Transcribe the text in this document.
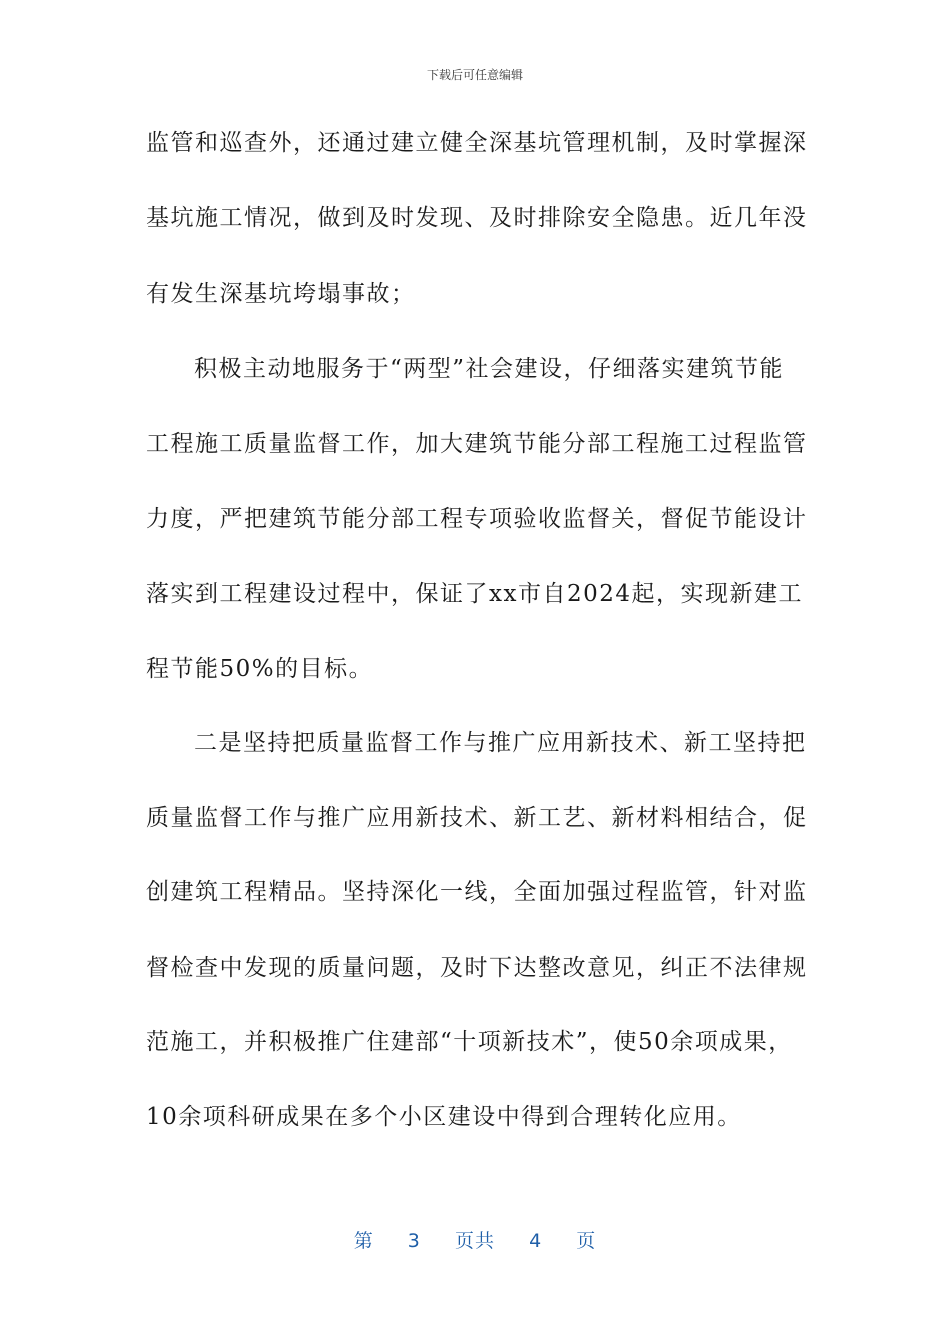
下载后可任意编辑
监管和巡查外，还通过建立健全深基坑管理机制，及时掌握深
基坑施工情况，做到及时发现、及时排除安全隐患。近几年没
有发生深基坑垮塌事故；
积极主动地服务于“两型”社会建设，仔细落实建筑节能
工程施工质量监督工作，加大建筑节能分部工程施工过程监管
力度，严把建筑节能分部工程专项验收监督关，督促节能设计
落实到工程建设过程中，保证了xx市自2024起，实现新建工
程节能50%的目标。
二是坚持把质量监督工作与推广应用新技术、新工坚持把
质量监督工作与推广应用新技术、新工艺、新材料相结合，促
创建筑工程精品。坚持深化一线，全面加强过程监管，针对监
督检查中发现的质量问题，及时下达整改意见，纠正不法律规
范施工，并积极推广住建部“十项新技术”，使50余项成果，
10余项科研成果在多个小区建设中得到合理转化应用。
第 3 页共 4 页
